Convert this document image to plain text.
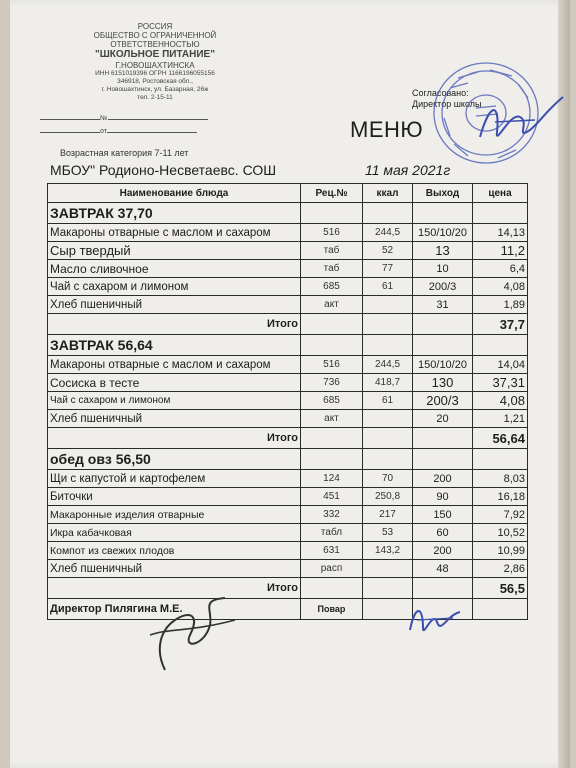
РОССИЯ
ОБЩЕСТВО С ОГРАНИЧЕННОЙ
ОТВЕТСТВЕННОСТЬЮ
"ШКОЛЬНОЕ ПИТАНИЕ"
Г.НОВОШАХТИНСКА
ИНН 6151019396 ОГРН 1166196055156
346918, Ростовская обл.,
г. Новошахтинск, ул. Базарная, 26ж
тел. 2-15-11
№
от
Согласовано:
Директор школы
МЕНЮ
Возрастная категория 7-11 лет
МБОУ" Родионо-Несветаевс. СОШ	11 мая 2021г
Наименование блюда	Рец.№	ккал	Выход	цена
ЗАВТРАК 37,70				
Макароны отварные с маслом и сахаром	516	244,5	150/10/20	14,13
Сыр твердый	таб	52	13	11,2
Масло сливочное	таб	77	10	6,4
Чай с сахаром и лимоном	685	61	200/3	4,08
Хлеб пшеничный	акт		31	1,89
Итого				37,7
ЗАВТРАК 56,64				
Макароны отварные с маслом и сахаром	516	244,5	150/10/20	14,04
Сосиска в тесте	736	418,7	130	37,31
Чай с сахаром и лимоном	685	61	200/3	4,08
Хлеб пшеничный	акт		20	1,21
Итого				56,64
обед овз 56,50				
Щи с капустой и картофелем	124	70	200	8,03
Биточки	451	250,8	90	16,18
Макаронные изделия отварные	332	217	150	7,92
Икра кабачковая	табл	53	60	10,52
Компот из свежих плодов	631	143,2	200	10,99
Хлеб пшеничный	расп		48	2,86
Итого				56,5
Директор Пилягина М.Е.	Повар			
